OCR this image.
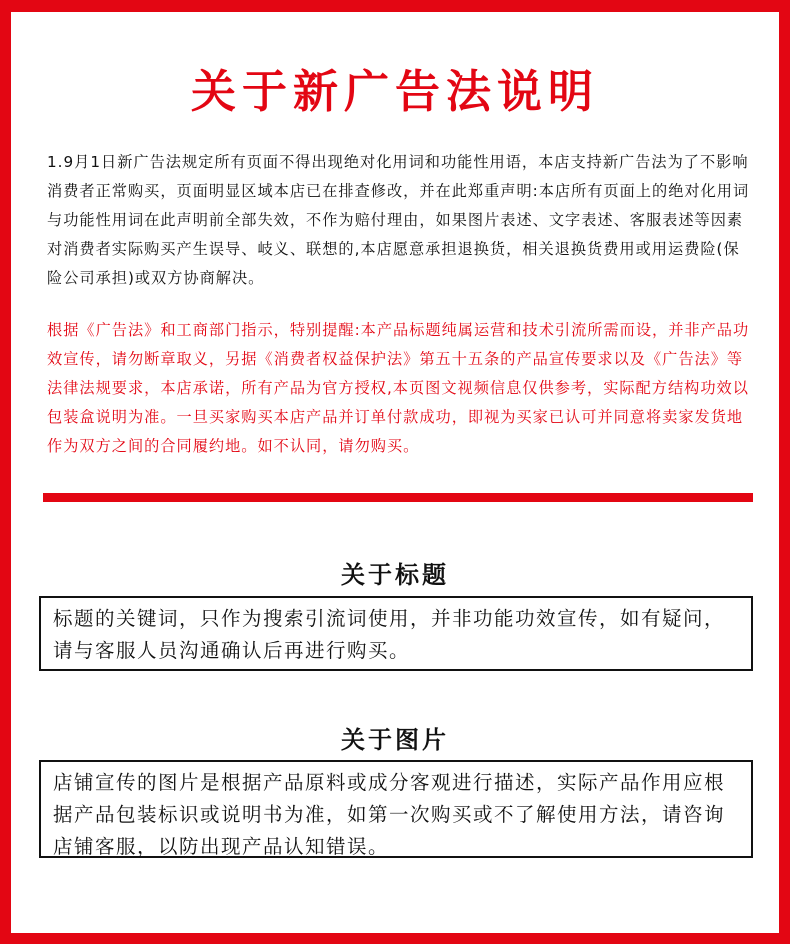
关于新广告法说明

1.9月1日新广告法规定所有页面不得出现绝对化用词和功能性用语，本店支持新广告法为了不影响消费者正常购买，页面明显区域本店已在排查修改，并在此郑重声明:本店所有页面上的绝对化用词与功能性用词在此声明前全部失效，不作为赔付理由，如果图片表述、文字表述、客服表述等因素对消费者实际购买产生误导、岐义、联想的,本店愿意承担退换货，相关退换货费用或用运费险(保险公司承担)或双方协商解决。

根据《广告法》和工商部门指示，特别提醒:本产品标题纯属运营和技术引流所需而设，并非产品功效宣传，请勿断章取义，另据《消费者权益保护法》第五十五条的产品宣传要求以及《广告法》等法律法规要求，本店承诺，所有产品为官方授权,本页图文视频信息仅供参考，实际配方结构功效以包装盒说明为准。一旦买家购买本店产品并订单付款成功，即视为买家已认可并同意将卖家发货地作为双方之间的合同履约地。如不认同，请勿购买。

关于标题
标题的关键词，只作为搜索引流词使用，并非功能功效宣传，如有疑问，请与客服人员沟通确认后再进行购买。
关于图片
店铺宣传的图片是根据产品原料或成分客观进行描述，实际产品作用应根据产品包装标识或说明书为准，如第一次购买或不了解使用方法，请咨询店铺客服，以防出现产品认知错误。
